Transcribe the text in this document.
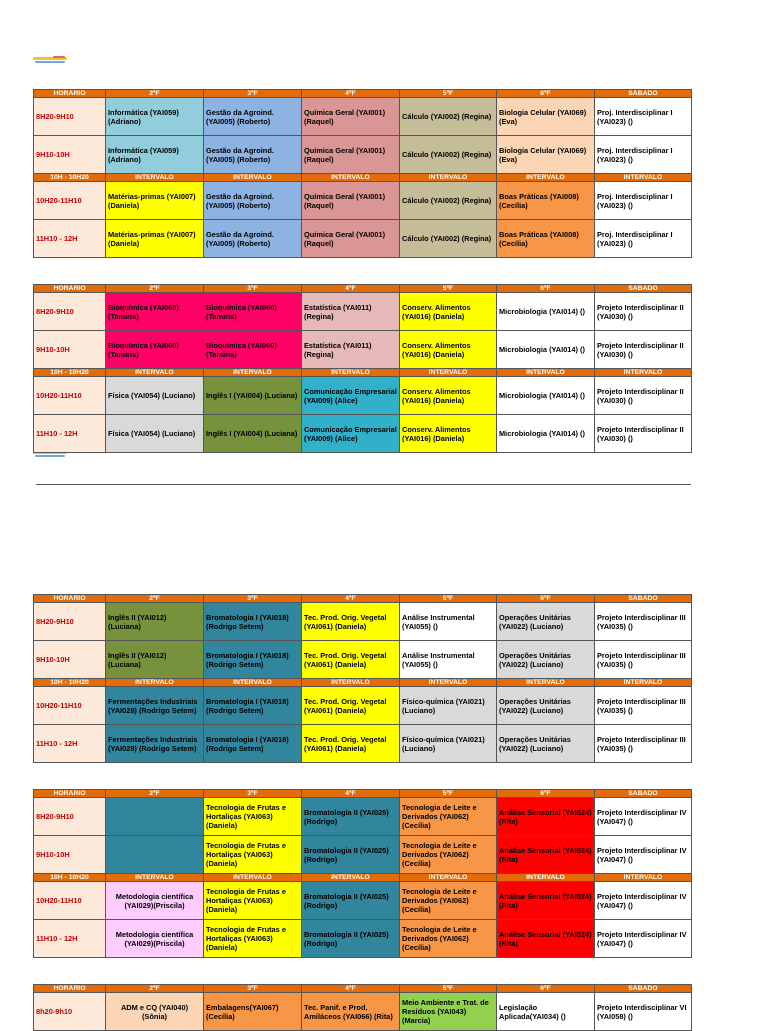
HORÁRIO	2ªF	3ªF	4ªF	5ªF	6ªF	SÁBADO
8H20-9H10	Informática (YAI059) (Adriano)	Gestão da Agroind. (YAI005) (Roberto)	Química Geral (YAI001) (Raquel)	Cálculo (YAI002) (Regina)	Biologia Celular (YAI069) (Eva)	Proj. Interdisciplinar I (YAI023) ()
9H10-10H	Informática (YAI059) (Adriano)	Gestão da Agroind. (YAI005) (Roberto)	Química Geral (YAI001) (Raquel)	Cálculo (YAI002) (Regina)	Biologia Celular (YAI069) (Eva)	Proj. Interdisciplinar I (YAI023) ()
10H - 10H20	INTERVALO	INTERVALO	INTERVALO	INTERVALO	INTERVALO	INTERVALO
10H20-11H10	Matérias-primas (YAI007) (Daniela)	Gestão da Agroind. (YAI005) (Roberto)	Química Geral (YAI001) (Raquel)	Cálculo (YAI002) (Regina)	Boas Práticas (YAI008) (Cecília)	Proj. Interdisciplinar I (YAI023) ()
11H10 - 12H	Matérias-primas (YAI007) (Daniela)	Gestão da Agroind. (YAI005) (Roberto)	Química Geral (YAI001) (Raquel)	Cálculo (YAI002) (Regina)	Boas Práticas (YAI008) (Cecília)	Proj. Interdisciplinar I (YAI023) ()
HORÁRIO	2ªF	3ªF	4ªF	5ªF	6ªF	SÁBADO
8H20-9H10	Bioquímica (YAI060) (Tamiris)	Bioquímica (YAI060) (Tamiris)	Estatística (YAI011) (Regina)	Conserv. Alimentos (YAI016) (Daniela)	Microbiologia (YAI014) ()	Projeto Interdisciplinar II (YAI030) ()
9H10-10H	Bioquímica (YAI060) (Tamiris)	Bioquímica (YAI060) (Tamiris)	Estatística (YAI011) (Regina)	Conserv. Alimentos (YAI016) (Daniela)	Microbiologia (YAI014) ()	Projeto Interdisciplinar II (YAI030) ()
10H - 10H20	INTERVALO	INTERVALO	INTERVALO	INTERVALO	INTERVALO	INTERVALO
10H20-11H10	Física (YAI054) (Luciano)	Inglês I (YAI004) (Luciana)	Comunicação Empresarial (YAI009) (Alice)	Conserv. Alimentos (YAI016) (Daniela)	Microbiologia (YAI014) ()	Projeto Interdisciplinar II (YAI030) ()
11H10 - 12H	Física (YAI054) (Luciano)	Inglês I (YAI004) (Luciana)	Comunicação Empresarial (YAI009) (Alice)	Conserv. Alimentos (YAI016) (Daniela)	Microbiologia (YAI014) ()	Projeto Interdisciplinar II (YAI030) ()
HORÁRIO	2ªF	3ªF	4ªF	5ªF	6ªF	SÁBADO
8H20-9H10	Inglês II (YAI012) (Luciana)	Bromatologia I (YAI018) (Rodrigo Setem)	Tec. Prod. Orig. Vegetal (YAI061) (Daniela)	Análise Instrumental (YAI055) ()	Operações Unitárias (YAI022) (Luciano)	Projeto Interdisciplinar III (YAI035) ()
9H10-10H	Inglês II (YAI012) (Luciana)	Bromatologia I (YAI018) (Rodrigo Setem)	Tec. Prod. Orig. Vegetal (YAI061) (Daniela)	Análise Instrumental (YAI055) ()	Operações Unitárias (YAI022) (Luciano)	Projeto Interdisciplinar III (YAI035) ()
10H - 10H20	INTERVALO	INTERVALO	INTERVALO	INTERVALO	INTERVALO	INTERVALO
10H20-11H10	Fermentações Industriais (YAI028) (Rodrigo Setem)	Bromatologia I (YAI018) (Rodrigo Setem)	Tec. Prod. Orig. Vegetal (YAI061) (Daniela)	Físico-química (YAI021) (Luciano)	Operações Unitárias (YAI022) (Luciano)	Projeto Interdisciplinar III (YAI035) ()
11H10 - 12H	Fermentações Industriais (YAI028) (Rodrigo Setem)	Bromatologia I (YAI018) (Rodrigo Setem)	Tec. Prod. Orig. Vegetal (YAI061) (Daniela)	Físico-química (YAI021) (Luciano)	Operações Unitárias (YAI022) (Luciano)	Projeto Interdisciplinar III (YAI035) ()
HORÁRIO	2ªF	3ªF	4ªF	5ªF	6ªF	SÁBADO
8H20-9H10		Tecnologia de Frutas e Hortaliças (YAI063) (Daniela)	Bromatologia II (YAI025) (Rodrigo)	Tecnologia de Leite e Derivados (YAI062)(Cecília)	Análise Sensorial (YAI024)(Rita)	Projeto Interdisciplinar IV (YAI047) ()
9H10-10H		Tecnologia de Frutas e Hortaliças (YAI063) (Daniela)	Bromatologia II (YAI025) (Rodrigo)	Tecnologia de Leite e Derivados (YAI062)(Cecília)	Análise Sensorial (YAI024)(Rita)	Projeto Interdisciplinar IV (YAI047) ()
10H - 10H20	INTERVALO	INTERVALO	INTERVALO	INTERVALO	INTERVALO	INTERVALO
10H20-11H10	Metodologia científica (YAI029)(Priscila)	Tecnologia de Frutas e Hortaliças (YAI063) (Daniela)	Bromatologia II (YAI025) (Rodrigo)	Tecnologia de Leite e Derivados (YAI062)(Cecília)	Análise Sensorial (YAI024)(Rita)	Projeto Interdisciplinar IV (YAI047) ()
11H10 - 12H	Metodologia científica (YAI029)(Priscila)	Tecnologia de Frutas e Hortaliças (YAI063) (Daniela)	Bromatologia II (YAI025) (Rodrigo)	Tecnologia de Leite e Derivados (YAI062)(Cecília)	Análise Sensorial (YAI024)(Rita)	Projeto Interdisciplinar IV (YAI047) ()
HORÁRIO	2ªF	3ªF	4ªF	5ªF	6ªF	SÁBADO
8h20-9h10	ADM e CQ (YAI040) (Sônia)	Embalagens(YAI067) (Cecília)	Tec. Panif. e Prod. Amiláceos (YAI066) (Rita)	Meio Ambiente e Trat. de Resíduos (YAI043)(Marcia)	Legislação Aplicada(YAI034) ()	Projeto Interdisciplinar VI (YAI058) ()
